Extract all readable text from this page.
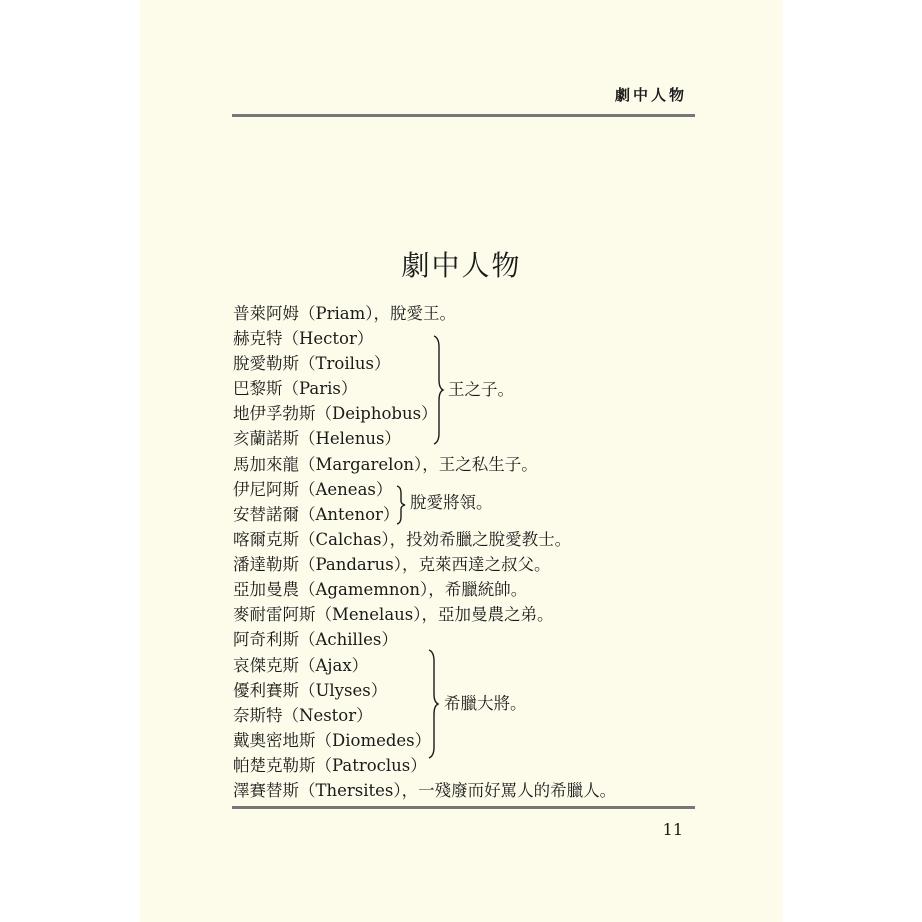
劇中人物
劇中人物
普萊阿姆（Priam），脫愛王。
赫克特（Hector）
脫愛勒斯（Troilus）
巴黎斯（Paris）
地伊孚勃斯（Deiphobus）
亥蘭諾斯（Helenus）
馬加來龍（Margarelon），王之私生子。
伊尼阿斯（Aeneas）
安替諾爾（Antenor）
喀爾克斯（Calchas），投効希臘之脫愛教士。
潘達勒斯（Pandarus），克萊西達之叔父。
亞加曼農（Agamemnon），希臘統帥。
麥耐雷阿斯（Menelaus），亞加曼農之弟。
阿奇利斯（Achilles）
哀傑克斯（Ajax）
優利賽斯（Ulyses）
奈斯特（Nestor）
戴奧密地斯（Diomedes）
帕楚克勒斯（Patroclus）
澤賽替斯（Thersites），一殘廢而好罵人的希臘人。
王之子。
脫愛將領。
希臘大將。
11
